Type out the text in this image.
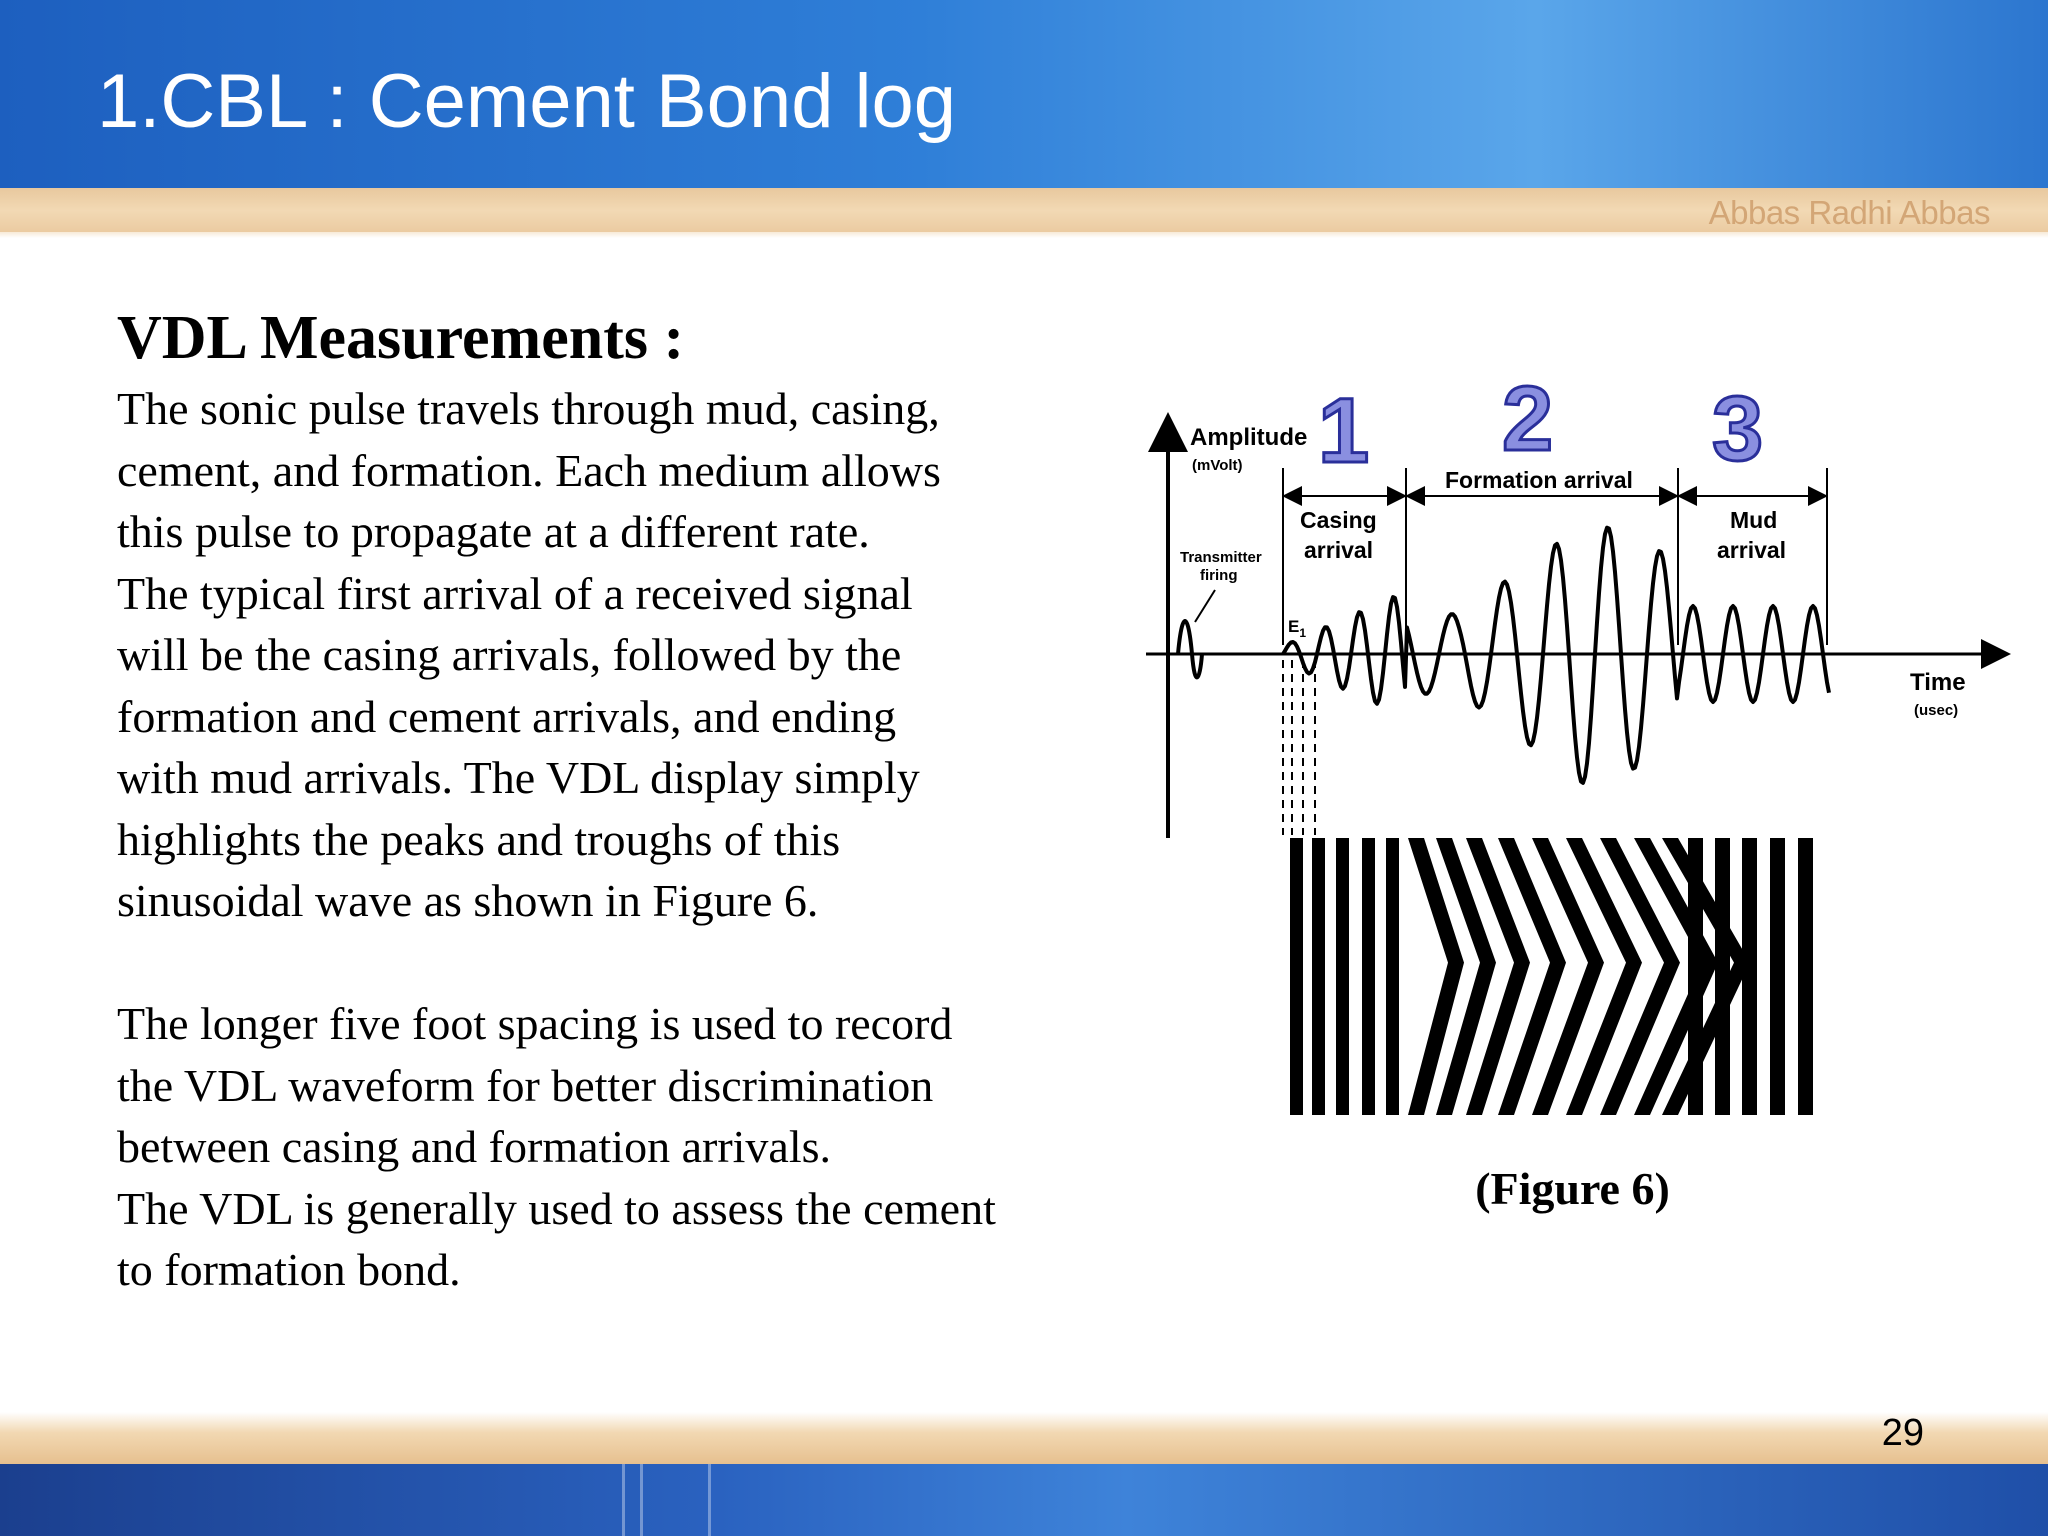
1.CBL : Cement Bond log
Abbas Radhi Abbas
VDL Measurements :

The sonic pulse travels through mud, casing,

cement, and formation. Each medium allows

this pulse to propagate at a different rate.

The typical first arrival of a received signal

will be the casing arrivals, followed by the

formation and cement arrivals, and ending

with mud arrivals. The VDL display simply

highlights the peaks and troughs of this

sinusoidal wave as shown in Figure 6.

The longer five foot spacing is used to record

the VDL waveform for better discrimination

between casing and formation arrivals.

The VDL is generally used to assess the cement

to formation bond.

Amplitude
(mVolt)
Time
(usec)
Transmitter
firing
$E_1$
1 2 3
Casing
arrival
Formation arrival
Mud
arrival
(Figure 6)
29
